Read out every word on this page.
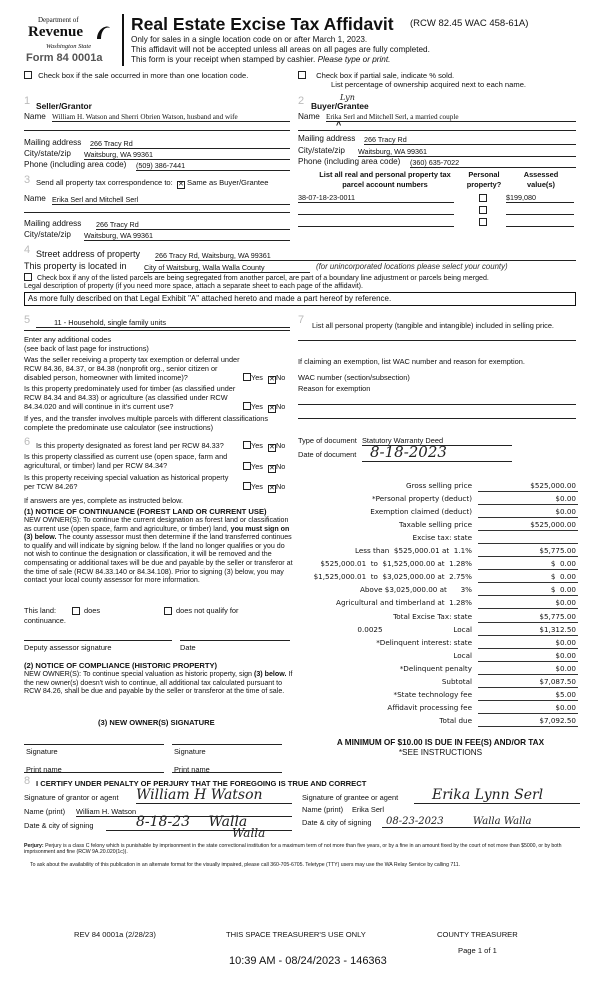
Department of
Revenue
Washington State
Form 84 0001a
Real Estate Excise Tax Affidavit (RCW 82.45 WAC 458-61A)
Only for sales in a single location code on or after March 1, 2023.
This affidavit will not be accepted unless all areas on all pages are fully completed.
This form is your receipt when stamped by cashier. Please type or print.
Check box if the sale occurred in more than one location code.	Check box if partial sale, indicate % sold.
List percentage of ownership acquired next to each name.
1 Seller/Grantor
Name William H. Watson and Sherri Obrien Watson, husband and wife
Mailing address 266 Tracy Rd
City/state/zip Waitsburg, WA 99361
Phone (including area code) (509) 386-7441
2 Buyer/Grantee
Lyn
Name Erika Serl and Mitchell Serl, a married couple
^
Mailing address 266 Tracy Rd
City/state/zip Waitsburg, WA 99361
Phone (including area code) (360) 635-7022
3 Send all property tax correspondence to: ✕ Same as Buyer/Grantee
Name Erika Serl and Mitchell Serl
Mailing address 266 Tracy Rd
City/state/zip Waitsburg, WA 99361
List all real and personal property tax parcel account numbers
Personal property?
Assessed value(s)
38-07-18-23-0011	$199,080
4 Street address of property 266 Tracy Rd, Waitsburg, WA 99361
This property is located in City of Waitsburg, Walla Walla County	(for unincorporated locations please select your county)
Check box if any of the listed parcels are being segregated from another parcel, are part of a boundary line adjustment or parcels being merged.
Legal description of property (if you need more space, attach a separate sheet to each page of the affidavit).
As more fully described on that Legal Exhibit "A" attached hereto and made a part hereof by reference.
5	11 - Household, single family units
Enter any additional codes
(see back of last page for instructions)
Was the seller receiving a property tax exemption or deferral under RCW 84.36, 84.37, or 84.38 (nonprofit org., senior citizen or disabled person, homeowner with limited income)?	Yes ✕ No
Is this property predominately used for timber (as classified under RCW 84.34 and 84.33) or agriculture (as classified under RCW 84.34.020 and will continue in it's current use?	Yes ✕ No
If yes, and the transfer involves multiple parcels with different classifications complete the predominate use calculator (see instructions)
6 Is this property designated as forest land per RCW 84.33?	Yes ✕ No
Is this property classified as current use (open space, farm and agricultural, or timber) land per RCW 84.34?	Yes ✕ No
Is this property receiving special valuation as historical property per TCW 84.26?	Yes ✕ No
If answers are yes, complete as instructed below.
(1) NOTICE OF CONTINUANCE (FOREST LAND OR CURRENT USE)
NEW OWNER(S): To continue the current designation as forest land or classification as current use (open space, farm and agriculture, or timber) land, you must sign on (3) below. The county assessor must then determine if the land transferred continues to qualify and will indicate by signing below. If the land no longer qualifies or you do not wish to continue the designation or classification, it will be removed and the compensating or additional taxes will be due and payable by the seller or transferor at the time of sale (RCW 84.33.140 or 84.34.108). Prior to signing (3) below, you may contact your local county assessor for more information.
This land:	does	does not qualify for
continuance.
Deputy assessor signature	Date
(2) NOTICE OF COMPLIANCE (HISTORIC PROPERTY)
NEW OWNER(S): To continue special valuation as historic property, sign (3) below. If the new owner(s) doesn't wish to continue, all additional tax calculated pursuant to RCW 84.26, shall be due and payable by the seller or transferor at the time of sale.
(3) NEW OWNER(S) SIGNATURE
Signature	Signature
Print name	Print name
7 List all personal property (tangible and intangible) included in selling price.
If claiming an exemption, list WAC number and reason for exemption.
WAC number (section/subsection)
Reason for exemption
Type of document Statutory Warranty Deed
Date of document 8-18-2023
Gross selling price	$525,000.00
*Personal property (deduct)	$0.00
Exemption claimed (deduct)	$0.00
Taxable selling price	$525,000.00
Excise tax: state
Less than  $525,000.01 at  1.1%	$5,775.00
$525,000.01  to  $1,525,000.00 at  1.28%	$  0.00
$1,525,000.01  to  $3,025,000.00 at  2.75%	$  0.00
Above $3,025,000.00 at      3%	$  0.00
Agricultural and timberland at  1.28%	$0.00
Total Excise Tax: state	$5,775.00
0.0025                               Local	$1,312.50
*Delinquent interest: state	$0.00
Local	$0.00
*Delinquent penalty	$0.00
Subtotal	$7,087.50
*State technology fee	$5.00
Affidavit processing fee	$0.00
Total due	$7,092.50
A MINIMUM OF $10.00 IS DUE IN FEE(S) AND/OR TAX
*SEE INSTRUCTIONS
8 I CERTIFY UNDER PENALTY OF PERJURY THAT THE FOREGOING IS TRUE AND CORRECT
Signature of grantor or agent William H Watson
Name (print) William H. Watson
Date & city of signing	8-18-23 Walla
Walla
Signature of grantee or agent	Erika Lynn Serl
Name (print) Erika Serl
Date & city of signing	08-23-2023	Walla Walla
Perjury: Perjury is a class C felony which is punishable by imprisonment in the state correctional institution for a maximum term of not more than five years, or by a fine in an amount fixed by the court of not more than $5000, or by both imprisonment and fine (RCW 9A.20.020(1c)).
To ask about the availability of this publication in an alternate format for the visually impaired, please call 360-705-6705. Teletype (TTY) users may use the WA Relay Service by calling 711.
REV 84 0001a (2/28/23)	THIS SPACE TREASURER'S USE ONLY	COUNTY TREASURER
Page 1 of 1
10:39 AM - 08/24/2023 - 146363
